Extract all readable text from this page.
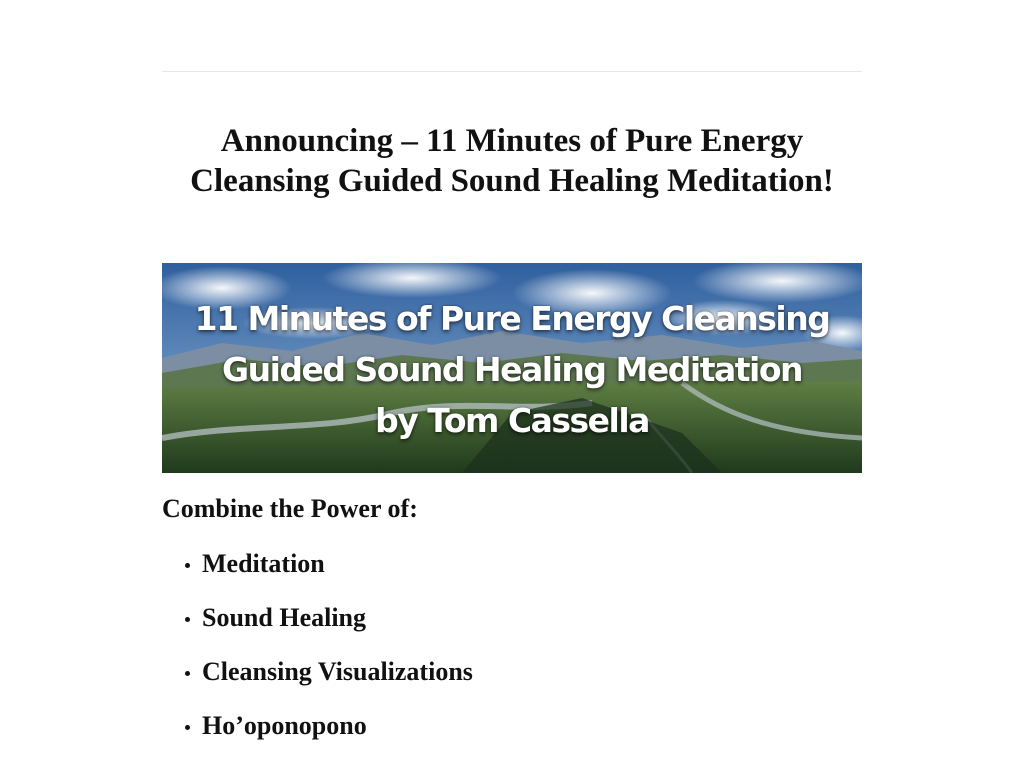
Announcing – 11 Minutes of Pure Energy Cleansing Guided Sound Healing Meditation!
11 Minutes of Pure Energy Cleansing
Guided Sound Healing Meditation
by Tom Cassella
Combine the Power of:
Meditation
Sound Healing
Cleansing Visualizations
Ho’oponopono
